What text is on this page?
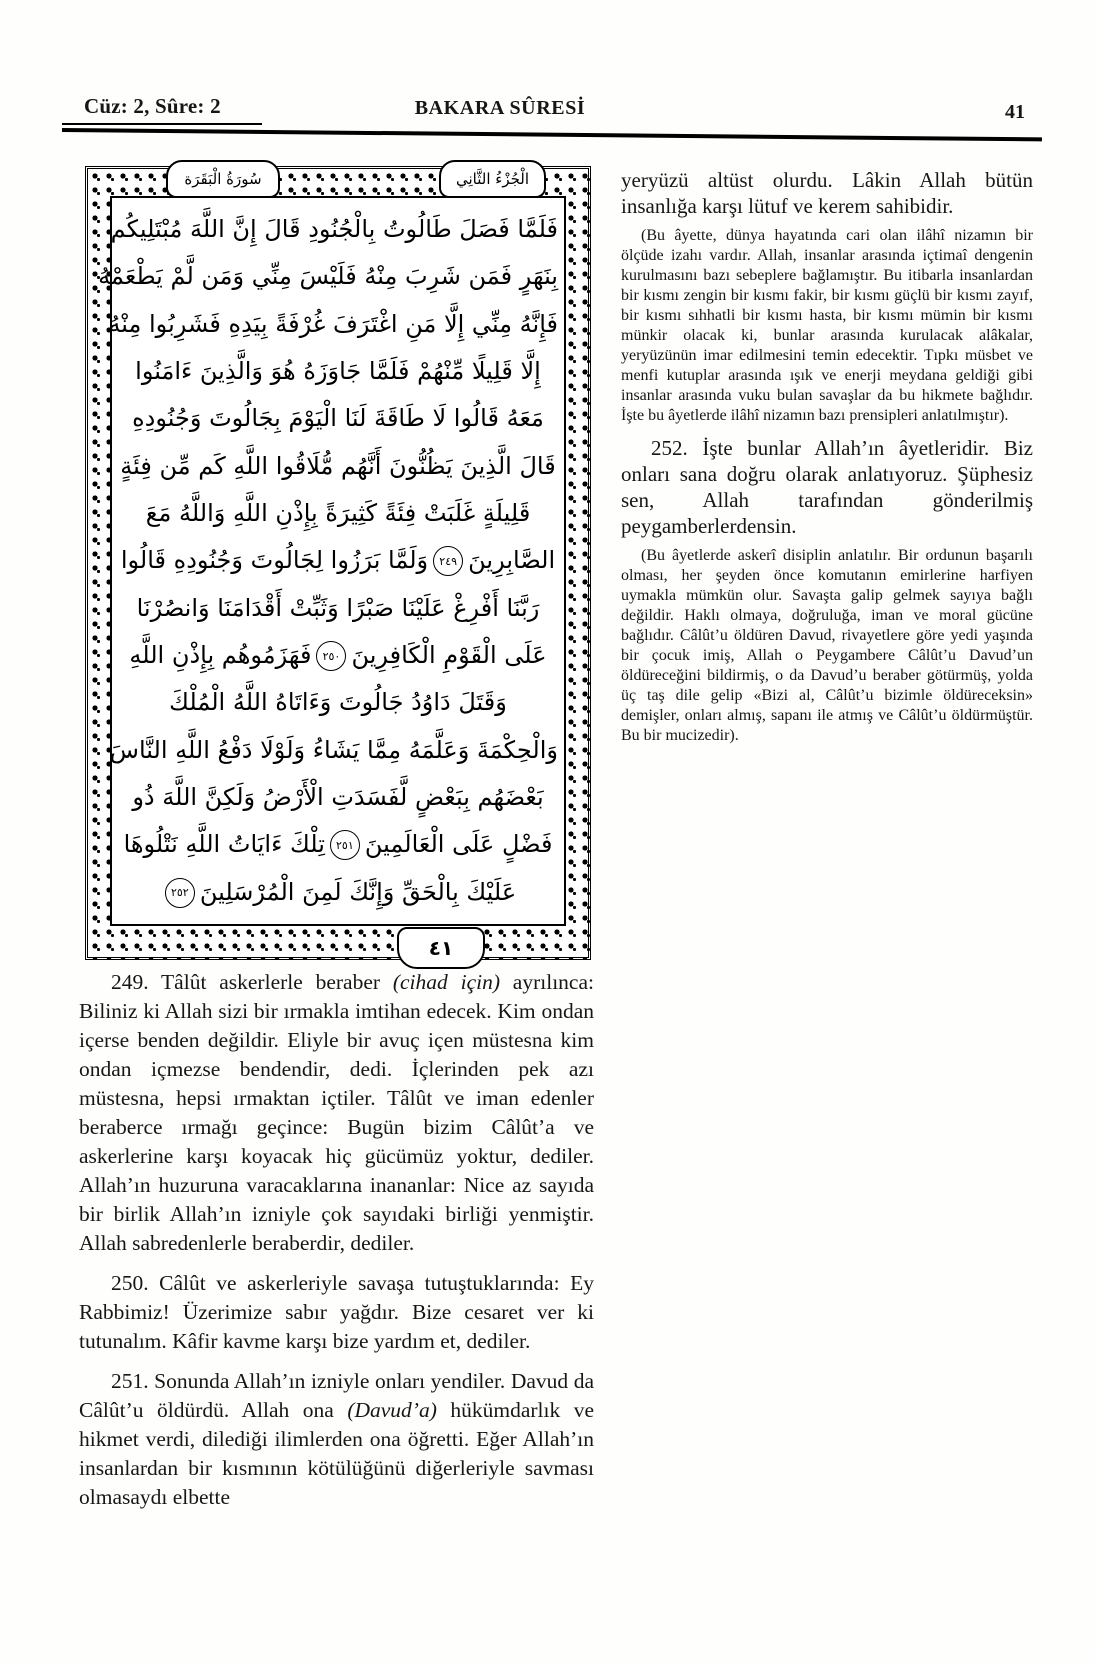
Cüz: 2, Sûre: 2	BAKARA SÛRESİ	41
سُورَةُ الْبَقَرَة	الْجُزْءُ الثَّانِي
فَلَمَّا فَصَلَ طَالُوتُ بِالْجُنُودِ قَالَ إِنَّ اللَّهَ مُبْتَلِيكُم
بِنَهَرٍ فَمَن شَرِبَ مِنْهُ فَلَيْسَ مِنِّي وَمَن لَّمْ يَطْعَمْهُ
فَإِنَّهُ مِنِّي إِلَّا مَنِ اغْتَرَفَ غُرْفَةً بِيَدِهِ فَشَرِبُوا مِنْهُ
إِلَّا قَلِيلًا مِّنْهُمْ فَلَمَّا جَاوَزَهُ هُوَ وَالَّذِينَ ءَامَنُوا
مَعَهُ قَالُوا لَا طَاقَةَ لَنَا الْيَوْمَ بِجَالُوتَ وَجُنُودِهِ
قَالَ الَّذِينَ يَظُنُّونَ أَنَّهُم مُّلَاقُوا اللَّهِ كَم مِّن فِئَةٍ
قَلِيلَةٍ غَلَبَتْ فِئَةً كَثِيرَةً بِإِذْنِ اللَّهِ وَاللَّهُ مَعَ
الصَّابِرِينَ٢٤٩وَلَمَّا بَرَزُوا لِجَالُوتَ وَجُنُودِهِ قَالُوا
رَبَّنَا أَفْرِغْ عَلَيْنَا صَبْرًا وَثَبِّتْ أَقْدَامَنَا وَانصُرْنَا
عَلَى الْقَوْمِ الْكَافِرِينَ٢٥٠فَهَزَمُوهُم بِإِذْنِ اللَّهِ
وَقَتَلَ دَاوُدُ جَالُوتَ وَءَاتَاهُ اللَّهُ الْمُلْكَ
وَالْحِكْمَةَ وَعَلَّمَهُ مِمَّا يَشَاءُ وَلَوْلَا دَفْعُ اللَّهِ النَّاسَ
بَعْضَهُم بِبَعْضٍ لَّفَسَدَتِ الْأَرْضُ وَلَكِنَّ اللَّهَ ذُو
فَضْلٍ عَلَى الْعَالَمِينَ٢٥١تِلْكَ ءَايَاتُ اللَّهِ نَتْلُوهَا
عَلَيْكَ بِالْحَقِّ وَإِنَّكَ لَمِنَ الْمُرْسَلِينَ٢٥٢
٤١

yeryüzü altüst olurdu. Lâkin Allah bütün insanlığa karşı lütuf ve kerem sahibidir.

(Bu âyette, dünya hayatında cari olan ilâhî nizamın bir ölçüde izahı vardır. Allah, insanlar arasında içtimaî dengenin kurulmasını bazı sebeplere bağlamıştır. Bu itibarla insanlardan bir kısmı zengin bir kısmı fakir, bir kısmı güçlü bir kısmı zayıf, bir kısmı sıhhatli bir kısmı hasta, bir kısmı mümin bir kısmı münkir olacak ki, bunlar arasında kurulacak alâkalar, yeryüzünün imar edilmesini temin edecektir. Tıpkı müsbet ve menfi kutuplar arasında ışık ve enerji meydana geldiği gibi insanlar arasında vuku bulan savaşlar da bu hikmete bağlıdır. İşte bu âyetlerde ilâhî nizamın bazı prensipleri anlatılmıştır).

252. İşte bunlar Allah’ın âyetleridir. Biz onları sana doğru olarak anlatıyoruz. Şüphesiz sen, Allah tarafından gönderilmiş peygamberlerdensin.

(Bu âyetlerde askerî disiplin anlatılır. Bir ordunun başarılı olması, her şeyden önce komutanın emirlerine harfiyen uymakla mümkün olur. Savaşta galip gelmek sayıya bağlı değildir. Haklı olmaya, doğruluğa, iman ve moral gücüne bağlıdır. Câlût’u öldüren Davud, rivayetlere göre yedi yaşında bir çocuk imiş, Allah o Peygambere Câlût’u Davud’un öldüreceğini bildirmiş, o da Davud’u beraber götürmüş, yolda üç taş dile gelip «Bizi al, Câlût’u bizimle öldüreceksin» demişler, onları almış, sapanı ile atmış ve Câlût’u öldürmüştür. Bu bir mucizedir).

249. Tâlût askerlerle beraber (cihad için) ayrılınca: Biliniz ki Allah sizi bir ırmakla imtihan edecek. Kim ondan içerse benden değildir. Eliyle bir avuç içen müstesna kim ondan içmezse bendendir, dedi. İçlerinden pek azı müstesna, hepsi ırmaktan içtiler. Tâlût ve iman edenler beraberce ırmağı geçince: Bugün bizim Câlût’a ve askerlerine karşı koyacak hiç gücümüz yoktur, dediler. Allah’ın huzuruna varacaklarına inananlar: Nice az sayıda bir birlik Allah’ın izniyle çok sayıdaki birliği yenmiştir. Allah sabredenlerle beraberdir, dediler.

250. Câlût ve askerleriyle savaşa tutuştuklarında: Ey Rabbimiz! Üzerimize sabır yağdır. Bize cesaret ver ki tutunalım. Kâfir kavme karşı bize yardım et, dediler.

251. Sonunda Allah’ın izniyle onları yendiler. Davud da Câlût’u öldürdü. Allah ona (Davud’a) hükümdarlık ve hikmet verdi, dilediği ilimlerden ona öğretti. Eğer Allah’ın insanlardan bir kısmının kötülüğünü diğerleriyle savması olmasaydı elbette
